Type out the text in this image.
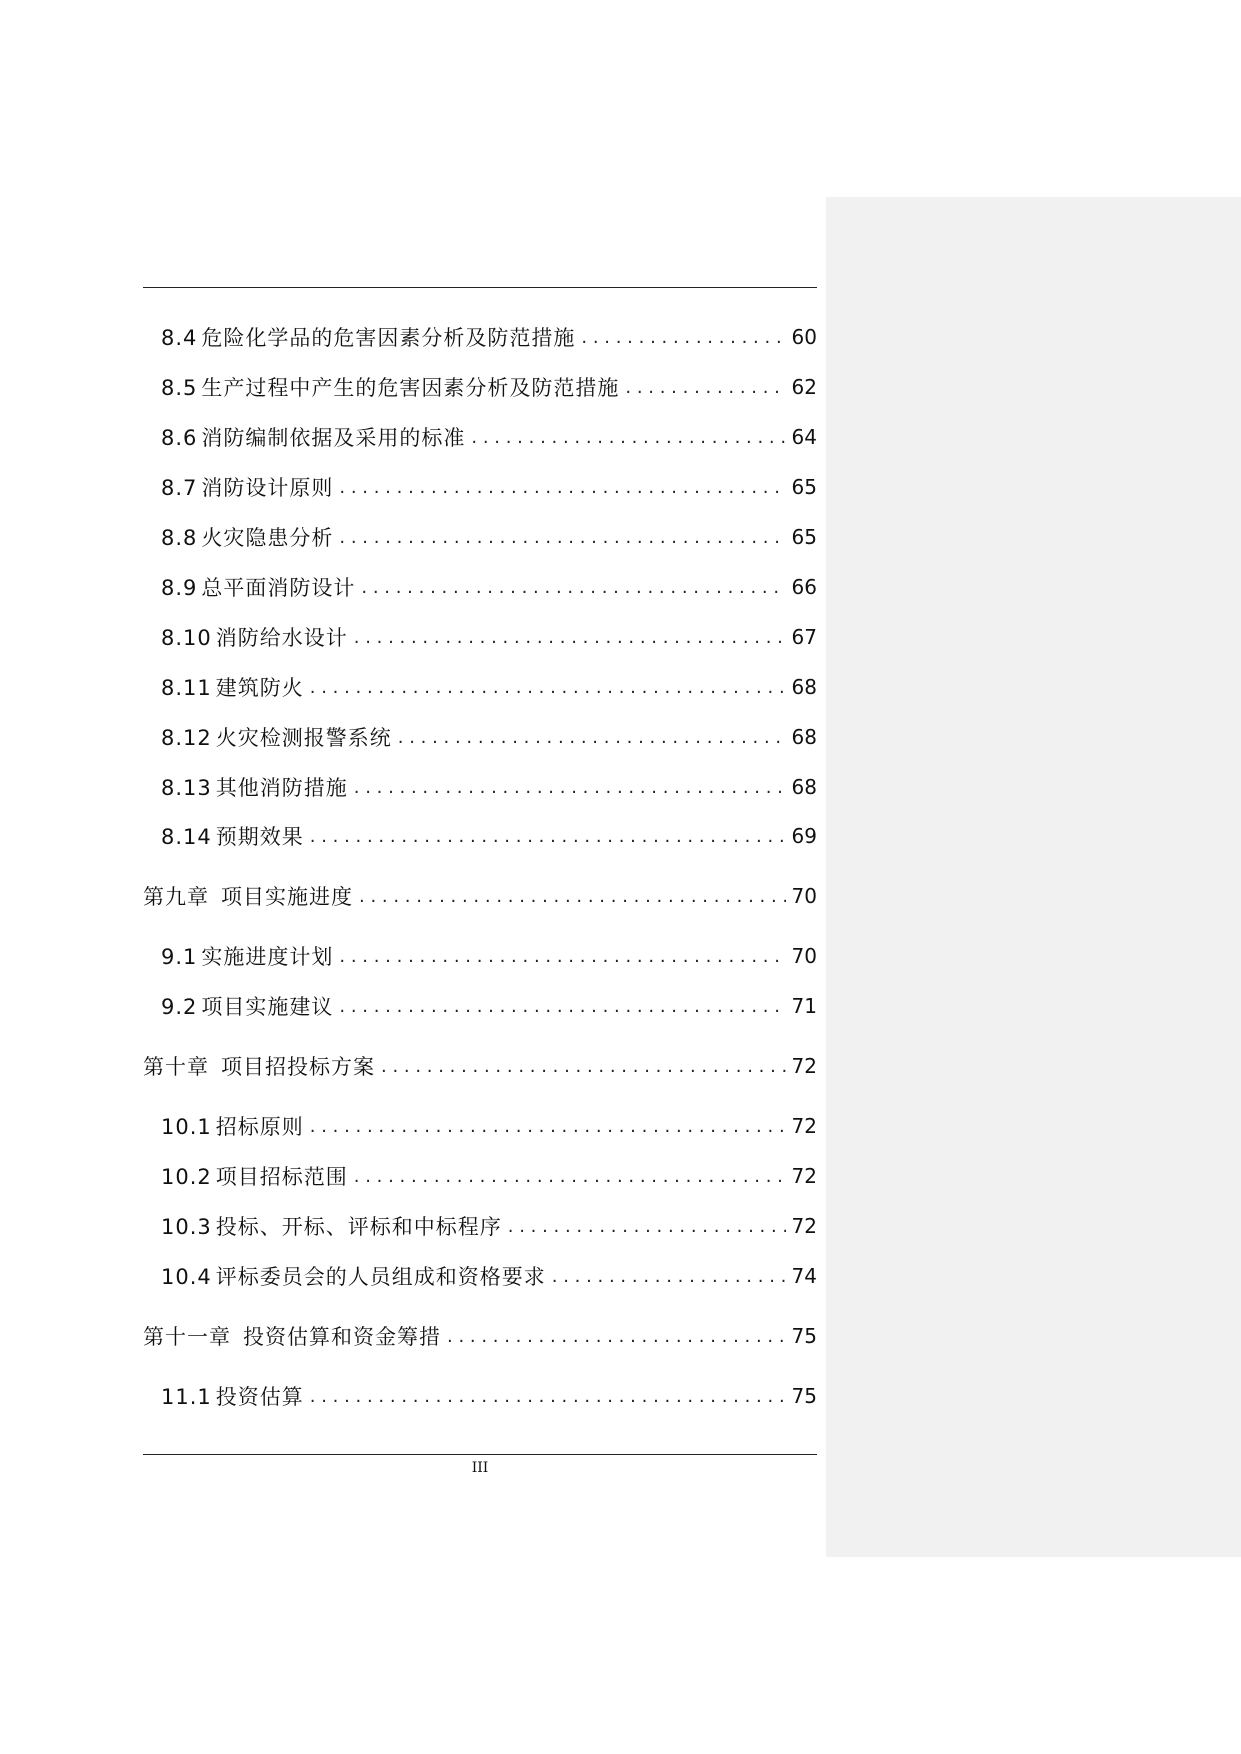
8.4 危险化学品的危害因素分析及防范措施 . . .	60
8.5 生产过程中产生的危害因素分析及防范措施 . . .	62
8.6 消防编制依据及采用的标准 . . .	64
8.7 消防设计原则 . . .	65
8.8 火灾隐患分析 . . .	65
8.9 总平面消防设计 . . .	66
8.10 消防给水设计 . . .	67
8.11 建筑防火 . . .	68
8.12 火灾检测报警系统 . . .	68
8.13 其他消防措施 . . .	68
8.14 预期效果 . . .	69
第九章 项目实施进度 . . .	70
9.1 实施进度计划 . . .	70
9.2 项目实施建议 . . .	71
第十章 项目招投标方案 . . .	72
10.1 招标原则 . . .	72
10.2 项目招标范围 . . .	72
10.3 投标、开标、评标和中标程序 . . .	72
10.4 评标委员会的人员组成和资格要求 . . .	74
第十一章 投资估算和资金筹措 . . .	75
11.1 投资估算 . . .	75
III
